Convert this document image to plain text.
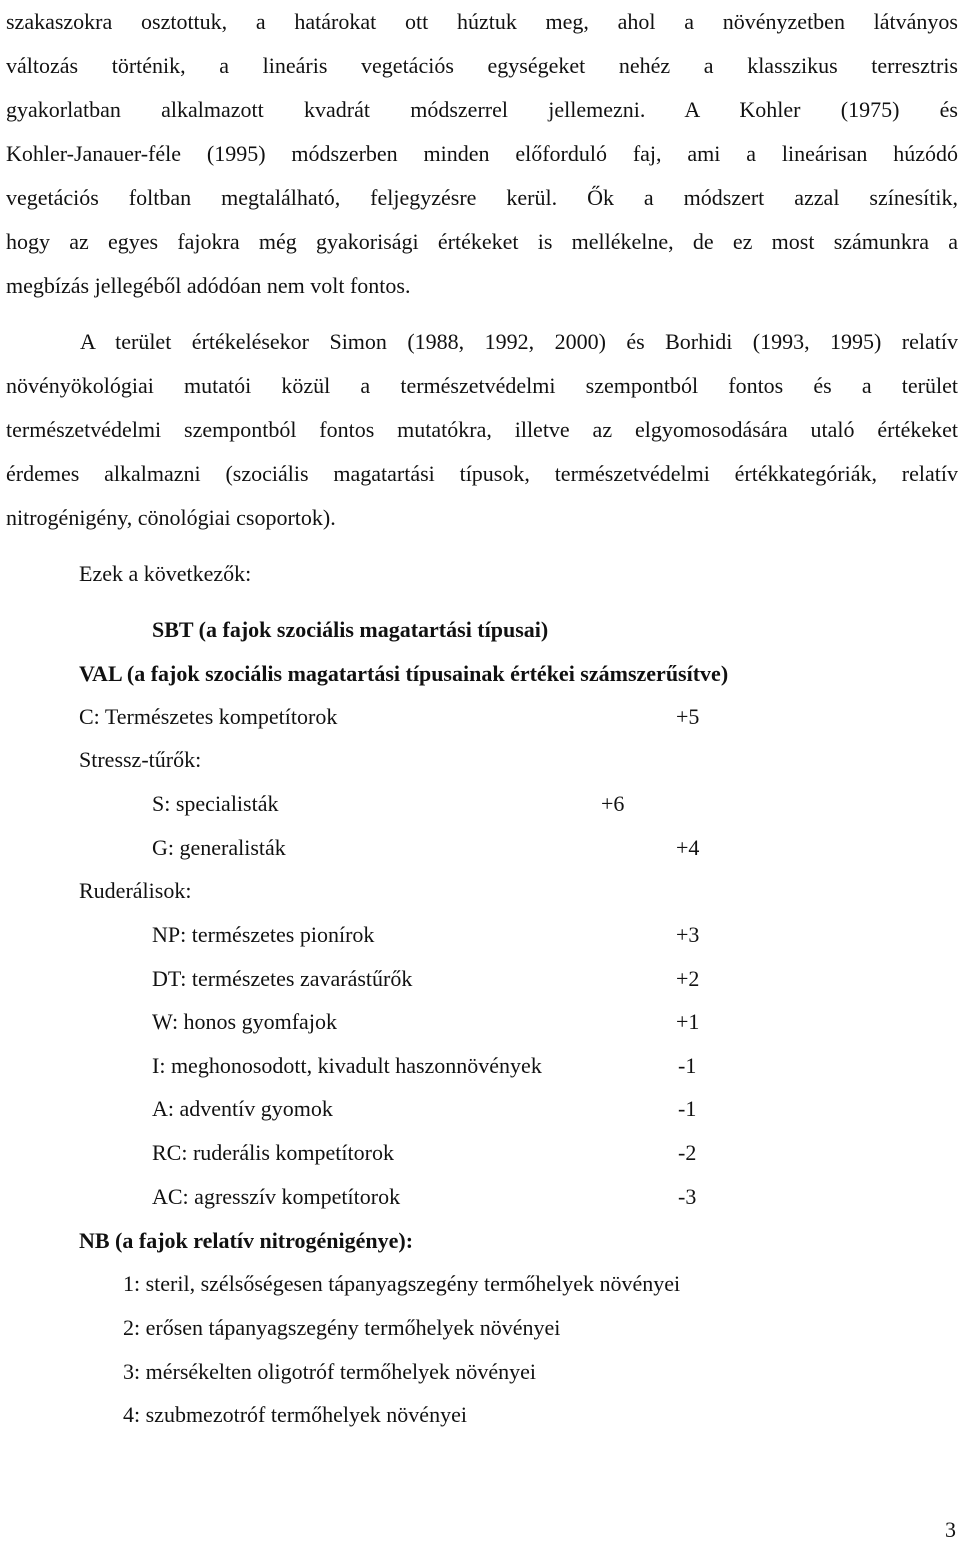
szakaszokra osztottuk, a határokat ott húztuk meg, ahol a növényzetben látványos
változás történik, a lineáris vegetációs egységeket nehéz a klasszikus terresztris
gyakorlatban alkalmazott kvadrát módszerrel jellemezni. A Kohler (1975) és
Kohler-Janauer-féle (1995) módszerben minden előforduló faj, ami a lineárisan húzódó
vegetációs foltban megtalálható, feljegyzésre kerül. Ők a módszert azzal színesítik,
hogy az egyes fajokra még gyakorisági értékeket is mellékelne, de ez most számunkra a
megbízás jellegéből adódóan nem volt fontos.
A terület értékelésekor Simon (1988, 1992, 2000) és Borhidi (1993, 1995) relatív
növényökológiai mutatói közül a természetvédelmi szempontból fontos és a terület
természetvédelmi szempontból fontos mutatókra, illetve az elgyomosodására utaló értékeket
érdemes alkalmazni (szociális magatartási típusok, természetvédelmi értékkategóriák, relatív
nitrogénigény, cönológiai csoportok).
Ezek a következők:
SBT (a fajok szociális magatartási típusai)
VAL (a fajok szociális magatartási típusainak értékei számszerűsítve)
C: Természetes kompetítorok	+5
Stressz-tűrők:
S: specialisták	+6
G: generalisták	+4
Ruderálisok:
NP: természetes pionírok	+3
DT: természetes zavarástűrők	+2
W: honos gyomfajok	+1
I: meghonosodott, kivadult haszonnövények	-1
A: adventív gyomok	-1
RC: ruderális kompetítorok	-2
AC: agresszív kompetítorok	-3
NB (a fajok relatív nitrogénigénye):
1: steril, szélsőségesen tápanyagszegény termőhelyek növényei
2: erősen tápanyagszegény termőhelyek növényei
3: mérsékelten oligotróf termőhelyek növényei
4: szubmezotróf termőhelyek növényei
3
